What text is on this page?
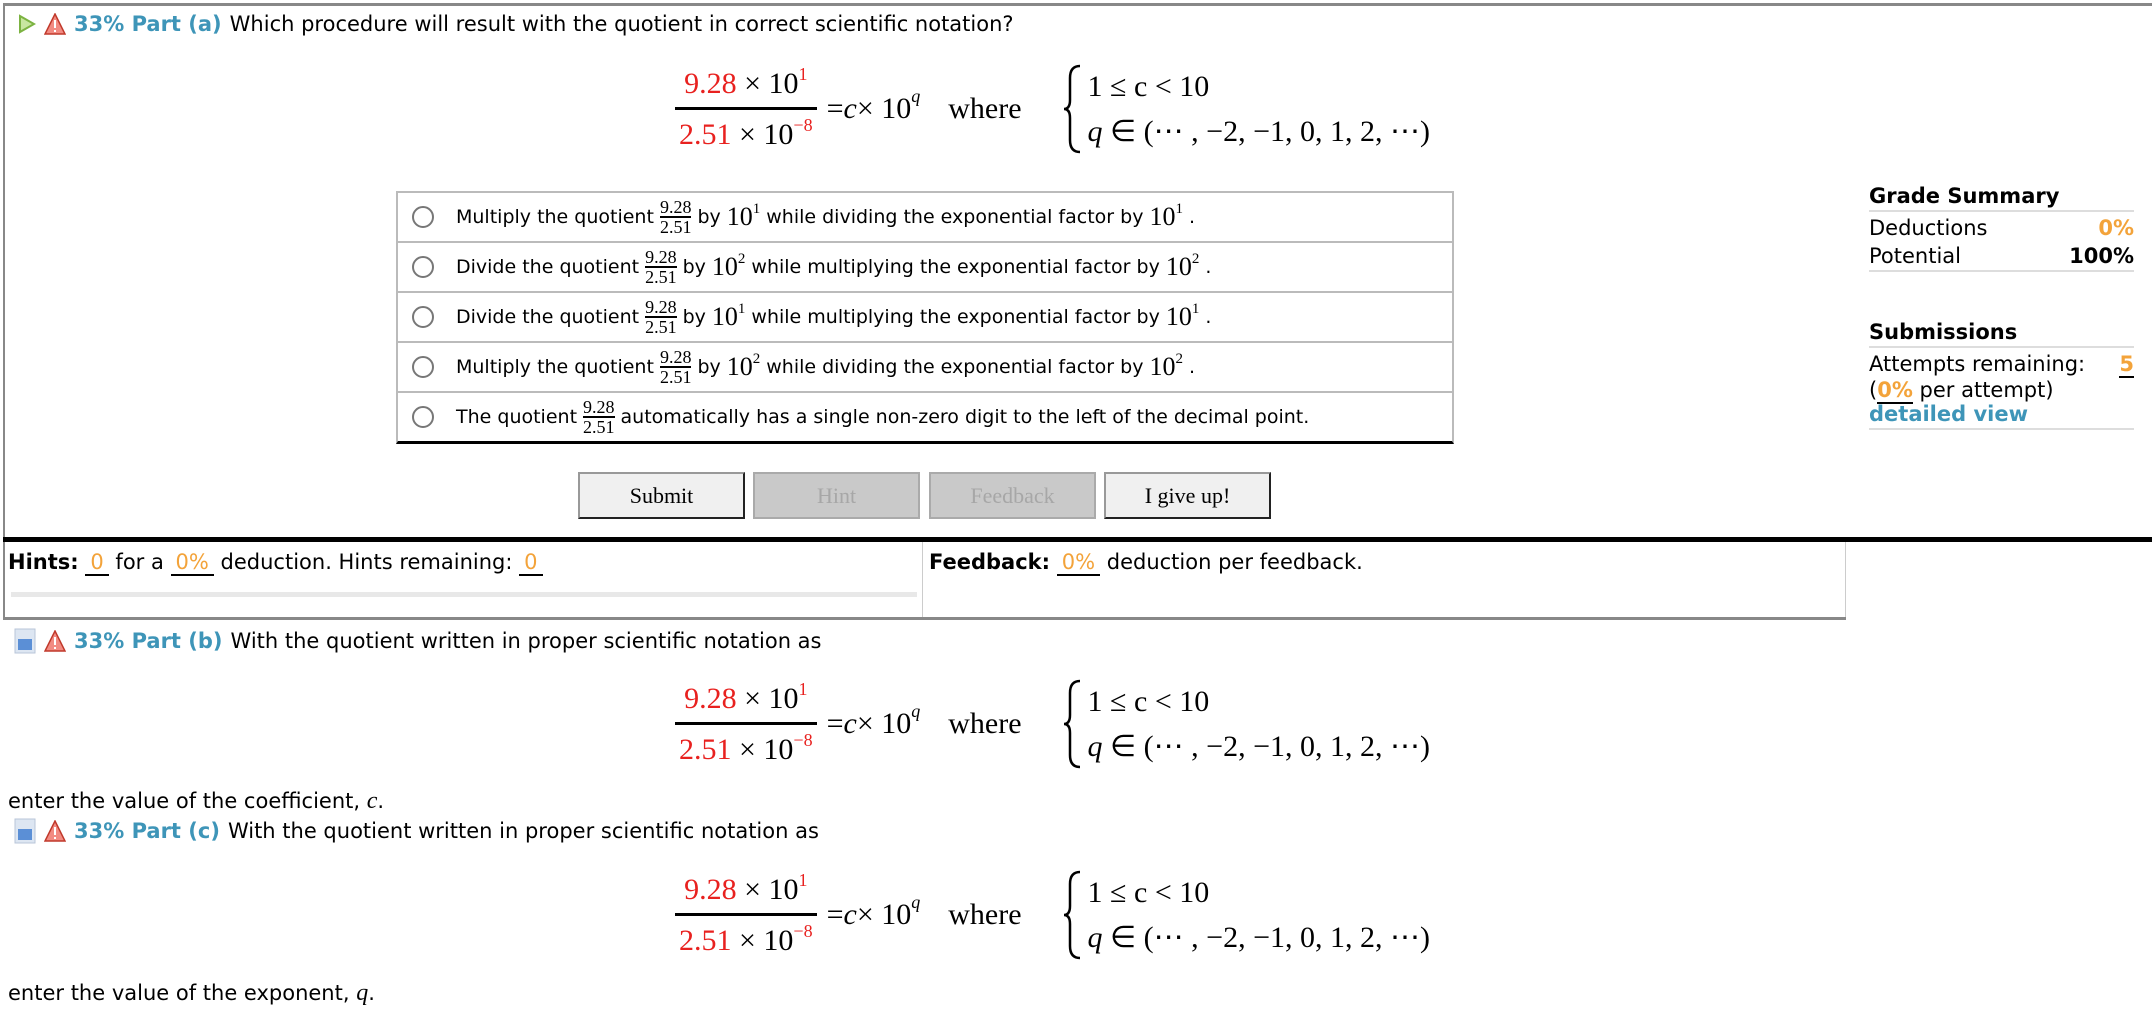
33% Part (a) Which procedure will result with the quotient in correct scientific notation?
$\frac{9.28 \times 10^1}{2.51 \times 10^{-8}} = c \times 10$ $^q$ where
1 ≤ c < 10
q ∈ (⋯ , −2, −1, 0, 1, 2, ⋯)
Multiply the quotient 9.28
2.51 by $10^1$ while dividing the exponential factor by $10^1$ .
Divide the quotient 9.28
2.51 by $10^2$ while multiplying the exponential factor by $10^2$ .
Divide the quotient 9.28
2.51 by $10^1$ while multiplying the exponential factor by $10^1$ .
Multiply the quotient 9.28
2.51 by $10^2$ while dividing the exponential factor by $10^2$ .
The quotient 9.28
2.51 automatically has a single non-zero digit to the left of the decimal point.
Grade Summary
Deductions	0%
Potential	100%
Submissions
Attempts remaining: 5
(0% per attempt)
detailed view
Submit	Hint	Feedback	I give up!
Hints: 0 for a 0% deduction. Hints remaining: 0	Feedback: 0% deduction per feedback.
33% Part (b) With the quotient written in proper scientific notation as
$\frac{9.28 \times 10^1}{2.51 \times 10^{-8}} = c \times 10$ $^q$ where
1 ≤ c < 10
q ∈ (⋯ , −2, −1, 0, 1, 2, ⋯)
enter the value of the coefficient, c.
33% Part (c) With the quotient written in proper scientific notation as
$\frac{9.28 \times 10^1}{2.51 \times 10^{-8}} = c \times 10$ $^q$ where
1 ≤ c < 10
q ∈ (⋯ , −2, −1, 0, 1, 2, ⋯)
enter the value of the exponent, q.
